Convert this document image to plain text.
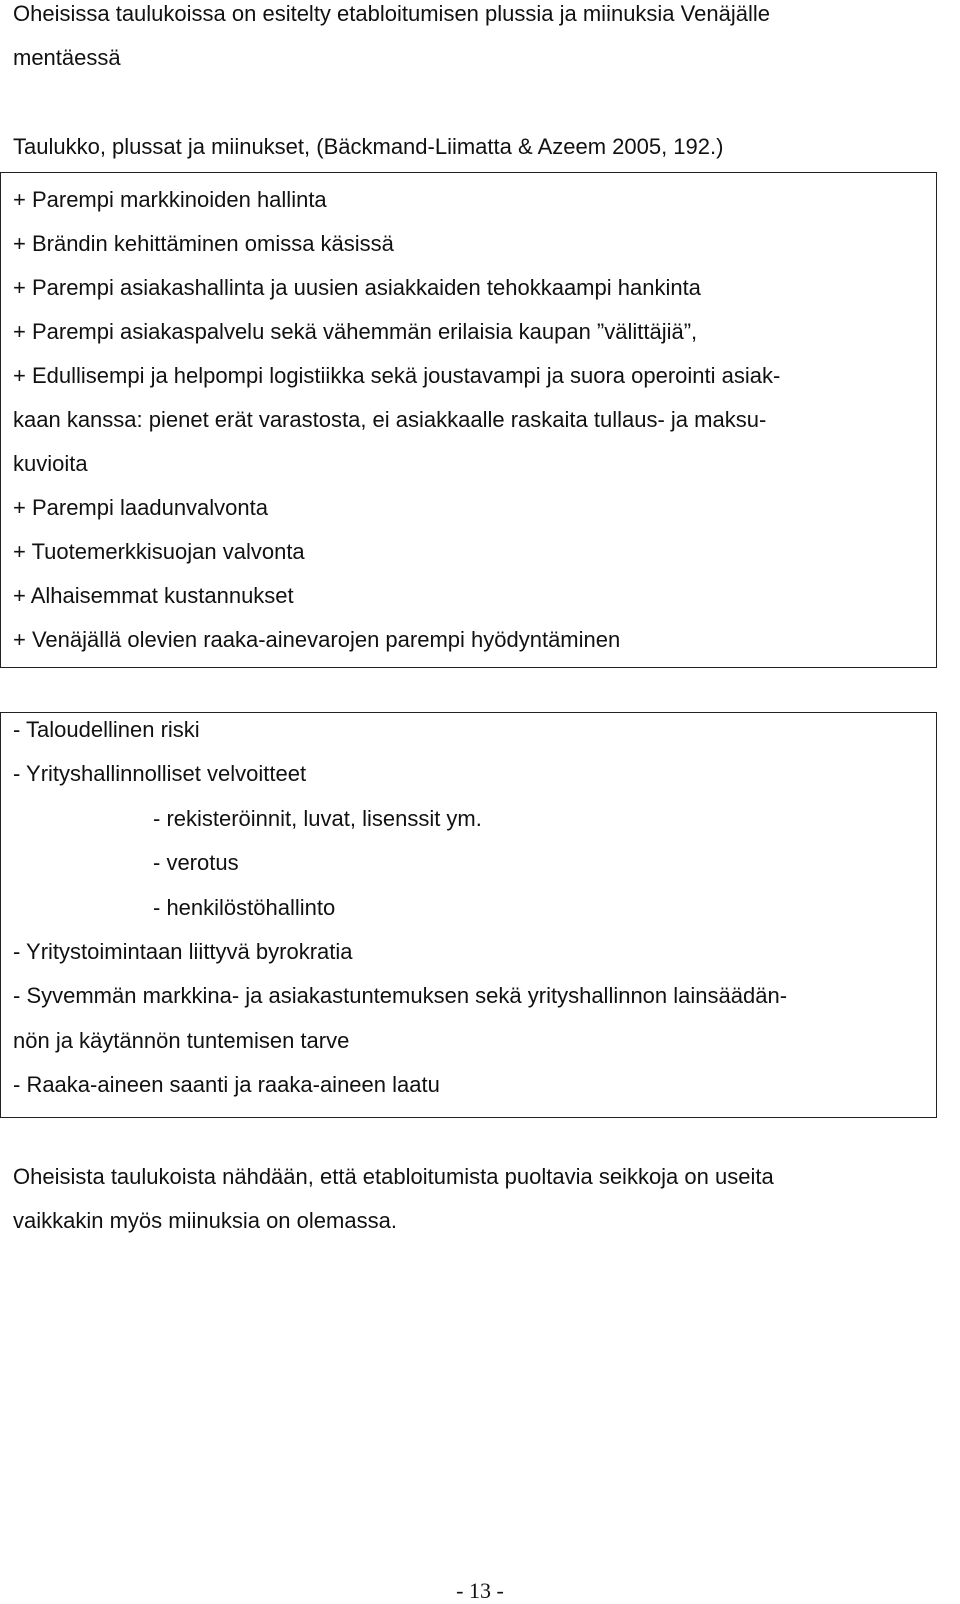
Oheisissa taulukoissa on esitelty etabloitumisen plussia ja miinuksia Venäjälle
mentäessä
Taulukko, plussat ja miinukset, (Bäckmand-Liimatta & Azeem 2005, 192.)
+ Parempi markkinoiden hallinta
+ Brändin kehittäminen omissa käsissä
+ Parempi asiakashallinta ja uusien asiakkaiden tehokkaampi hankinta
+ Parempi asiakaspalvelu sekä vähemmän erilaisia kaupan ”välittäjiä”,
+ Edullisempi ja helpompi logistiikka sekä joustavampi ja suora operointi asiak-
kaan kanssa: pienet erät varastosta, ei asiakkaalle raskaita tullaus- ja maksu-
kuvioita
+ Parempi laadunvalvonta
+ Tuotemerkkisuojan valvonta
+ Alhaisemmat kustannukset
+ Venäjällä olevien raaka-ainevarojen parempi hyödyntäminen
- Taloudellinen riski
- Yrityshallinnolliset velvoitteet
- rekisteröinnit, luvat, lisenssit ym.
- verotus
- henkilöstöhallinto
- Yritystoimintaan liittyvä byrokratia
- Syvemmän markkina- ja asiakastuntemuksen sekä yrityshallinnon lainsäädän-
nön ja käytännön tuntemisen tarve
- Raaka-aineen saanti ja raaka-aineen laatu
Oheisista taulukoista nähdään, että etabloitumista puoltavia seikkoja on useita
vaikkakin myös miinuksia on olemassa.
- 13 -
